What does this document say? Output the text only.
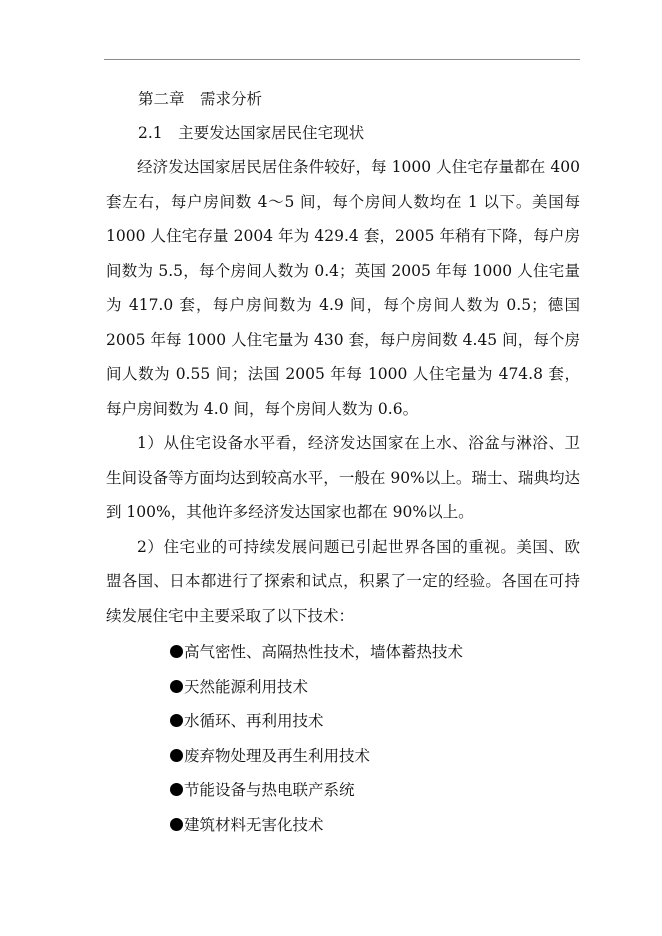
第二章　需求分析
2.1　主要发达国家居民住宅现状

经济发达国家居民居住条件较好，每 1000 人住宅存量都在 400 套左右，每户房间数 4～5 间，每个房间人数均在 1 以下。美国每 1000 人住宅存量 2004 年为 429.4 套，2005 年稍有下降，每户房间数为 5.5，每个房间人数为 0.4；英国 2005 年每 1000 人住宅量为 417.0 套，每户房间数为 4.9 间，每个房间人数为 0.5；德国 2005 年每 1000 人住宅量为 430 套，每户房间数 4.45 间，每个房间人数为 0.55 间；法国 2005 年每 1000 人住宅量为 474.8 套，每户房间数为 4.0 间，每个房间人数为 0.6。

1）从住宅设备水平看，经济发达国家在上水、浴盆与淋浴、卫生间设备等方面均达到较高水平，一般在 90%以上。瑞士、瑞典均达到 100%，其他许多经济发达国家也都在 90%以上。

2）住宅业的可持续发展问题已引起世界各国的重视。美国、欧盟各国、日本都进行了探索和试点，积累了一定的经验。各国在可持续发展住宅中主要采取了以下技术：

高气密性、高隔热性技术，墙体蓄热技术
天然能源利用技术
水循环、再利用技术
废弃物处理及再生利用技术
节能设备与热电联产系统
建筑材料无害化技术
